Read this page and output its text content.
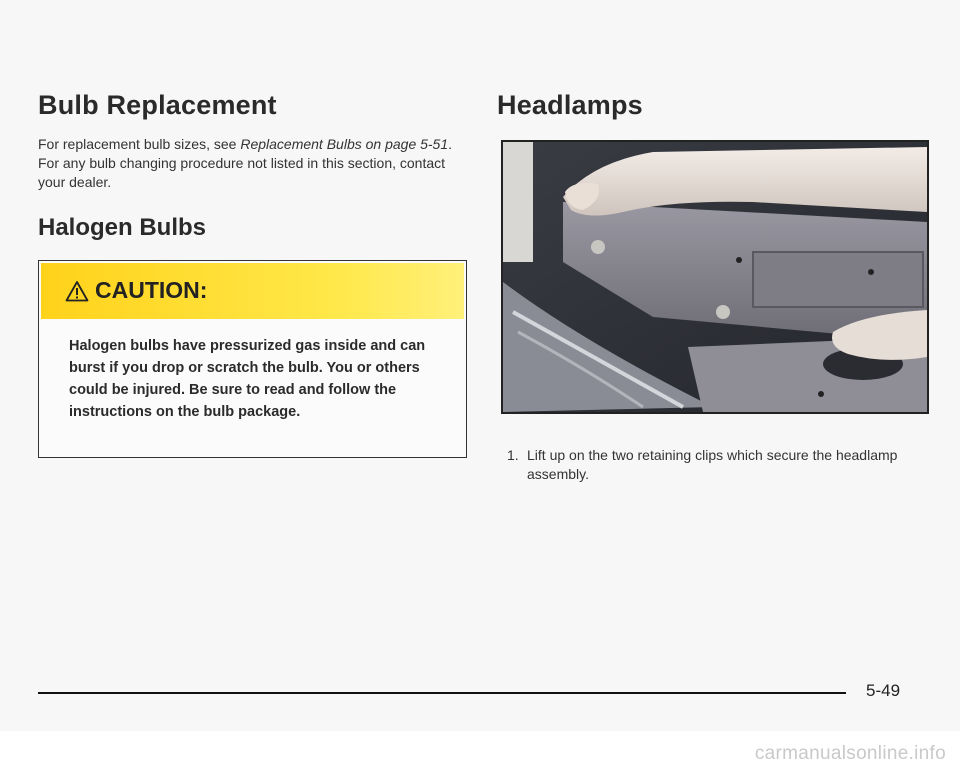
Bulb Replacement

For replacement bulb sizes, see Replacement Bulbs on page 5-51. For any bulb changing procedure not listed in this section, contact your dealer.

Halogen Bulbs
CAUTION:
Halogen bulbs have pressurized gas inside and can burst if you drop or scratch the bulb. You or others could be injured. Be sure to read and follow the instructions on the bulb package.
Headlamps
1. Lift up on the two retaining clips which secure the headlamp assembly.
5-49
carmanualsonline.info
